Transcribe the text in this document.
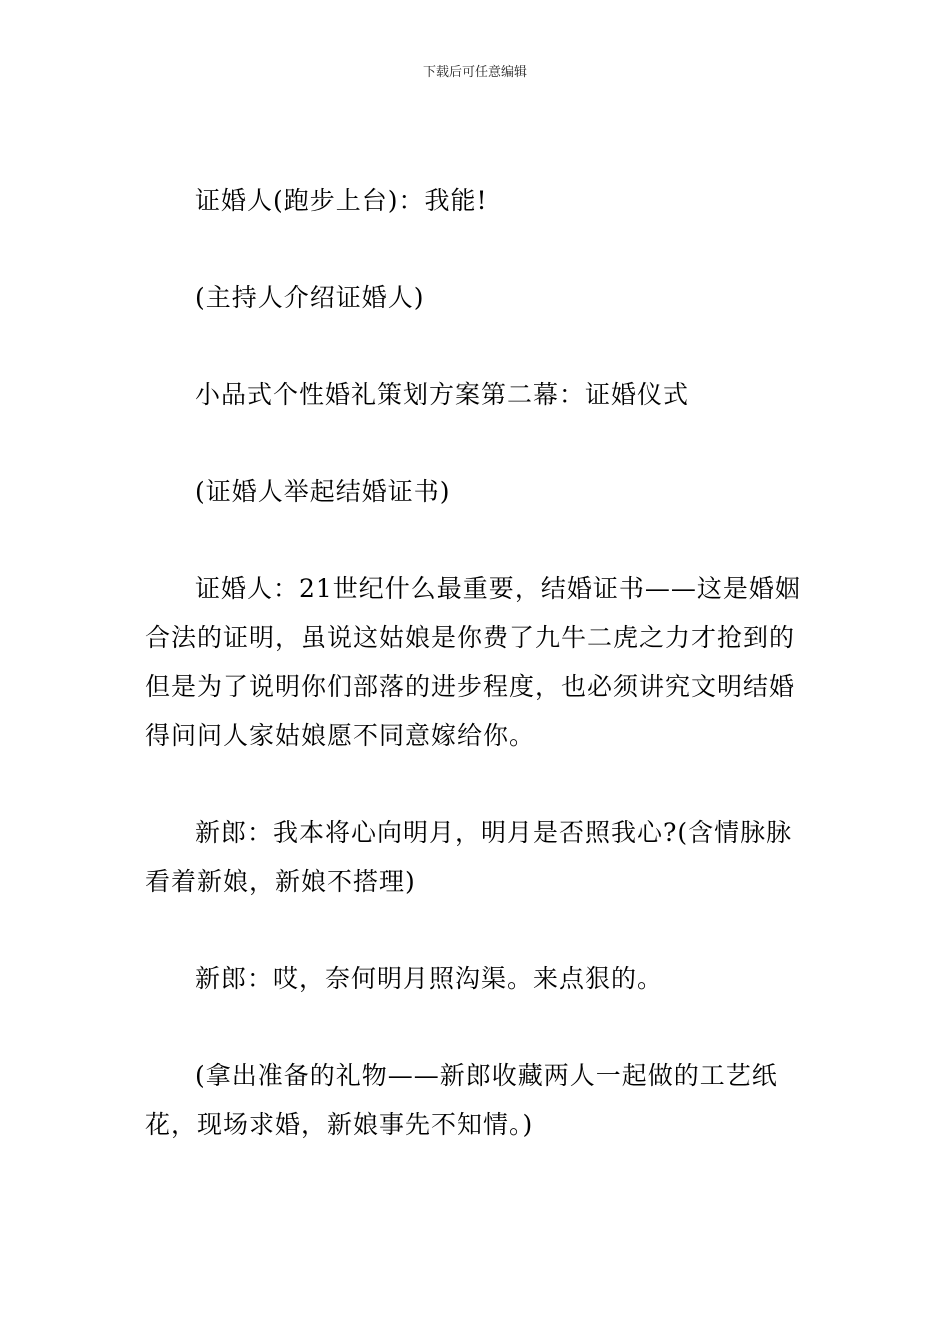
下载后可任意编辑

证婚人(跑步上台)：我能!

(主持人介绍证婚人)

小品式个性婚礼策划方案第二幕：证婚仪式

(证婚人举起结婚证书)

证婚人：21世纪什么最重要，结婚证书——这是婚姻合法的证明，虽说这姑娘是你费了九牛二虎之力才抢到的但是为了说明你们部落的进步程度，也必须讲究文明结婚得问问人家姑娘愿不同意嫁给你。

新郎：我本将心向明月，明月是否照我心?(含情脉脉看着新娘，新娘不搭理)

新郎：哎，奈何明月照沟渠。来点狠的。

(拿出准备的礼物——新郎收藏两人一起做的工艺纸花，现场求婚，新娘事先不知情。)
